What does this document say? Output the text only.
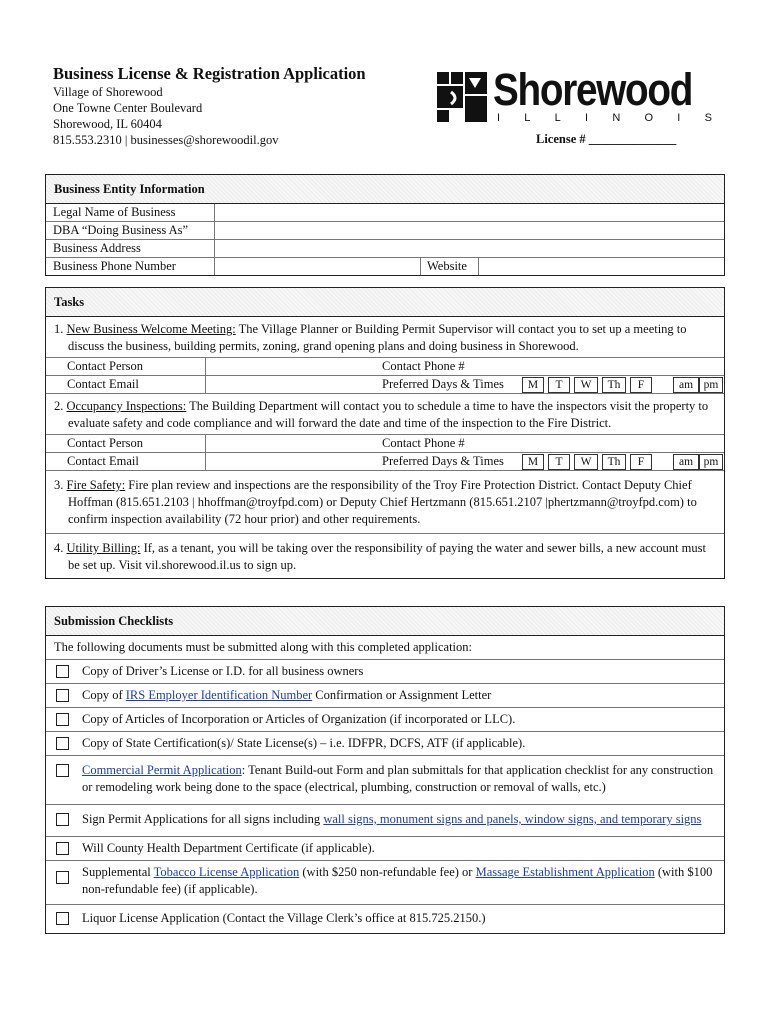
Business License & Registration Application
Village of Shorewood
One Towne Center Boulevard
Shorewood, IL 60404
815.553.2310 | businesses@shorewoodil.gov
Shorewood
I L L I N O I S
License # ______________
Business Entity Information
Legal Name of Business
DBA “Doing Business As”
Business Address
Business Phone Number	Website
Tasks
1. New Business Welcome Meeting: The Village Planner or Building Permit Supervisor will contact you to set up a meeting to discuss the business, building permits, zoning, grand opening plans and doing business in Shorewood.
Contact Person	Contact Phone #
Contact Email	Preferred Days & Times	M	T	W	Th	F	am pm
2. Occupancy Inspections: The Building Department will contact you to schedule a time to have the inspectors visit the property to evaluate safety and code compliance and will forward the date and time of the inspection to the Fire District.
Contact Person	Contact Phone #
Contact Email	Preferred Days & Times	M	T	W	Th	F	am pm
3. Fire Safety: Fire plan review and inspections are the responsibility of the Troy Fire Protection District. Contact Deputy Chief Hoffman (815.651.2103 | hhoffman@troyfpd.com) or Deputy Chief Hertzmann (815.651.2107 |phertzmann@troyfpd.com) to confirm inspection availability (72 hour prior) and other requirements.
4. Utility Billing: If, as a tenant, you will be taking over the responsibility of paying the water and sewer bills, a new account must be set up. Visit vil.shorewood.il.us to sign up.
Submission Checklists
The following documents must be submitted along with this completed application:
Copy of Driver’s License or I.D. for all business owners
Copy of IRS Employer Identification Number Confirmation or Assignment Letter
Copy of Articles of Incorporation or Articles of Organization (if incorporated or LLC).
Copy of State Certification(s)/ State License(s) – i.e. IDFPR, DCFS, ATF (if applicable).
Commercial Permit Application: Tenant Build-out Form and plan submittals for that application checklist for any construction or remodeling work being done to the space (electrical, plumbing, construction or removal of walls, etc.)
Sign Permit Applications for all signs including wall signs, monument signs and panels, window signs, and temporary signs
Will County Health Department Certificate (if applicable).
Supplemental Tobacco License Application (with $250 non-refundable fee) or Massage Establishment Application (with $100 non-refundable fee) (if applicable).
Liquor License Application (Contact the Village Clerk’s office at 815.725.2150.)
